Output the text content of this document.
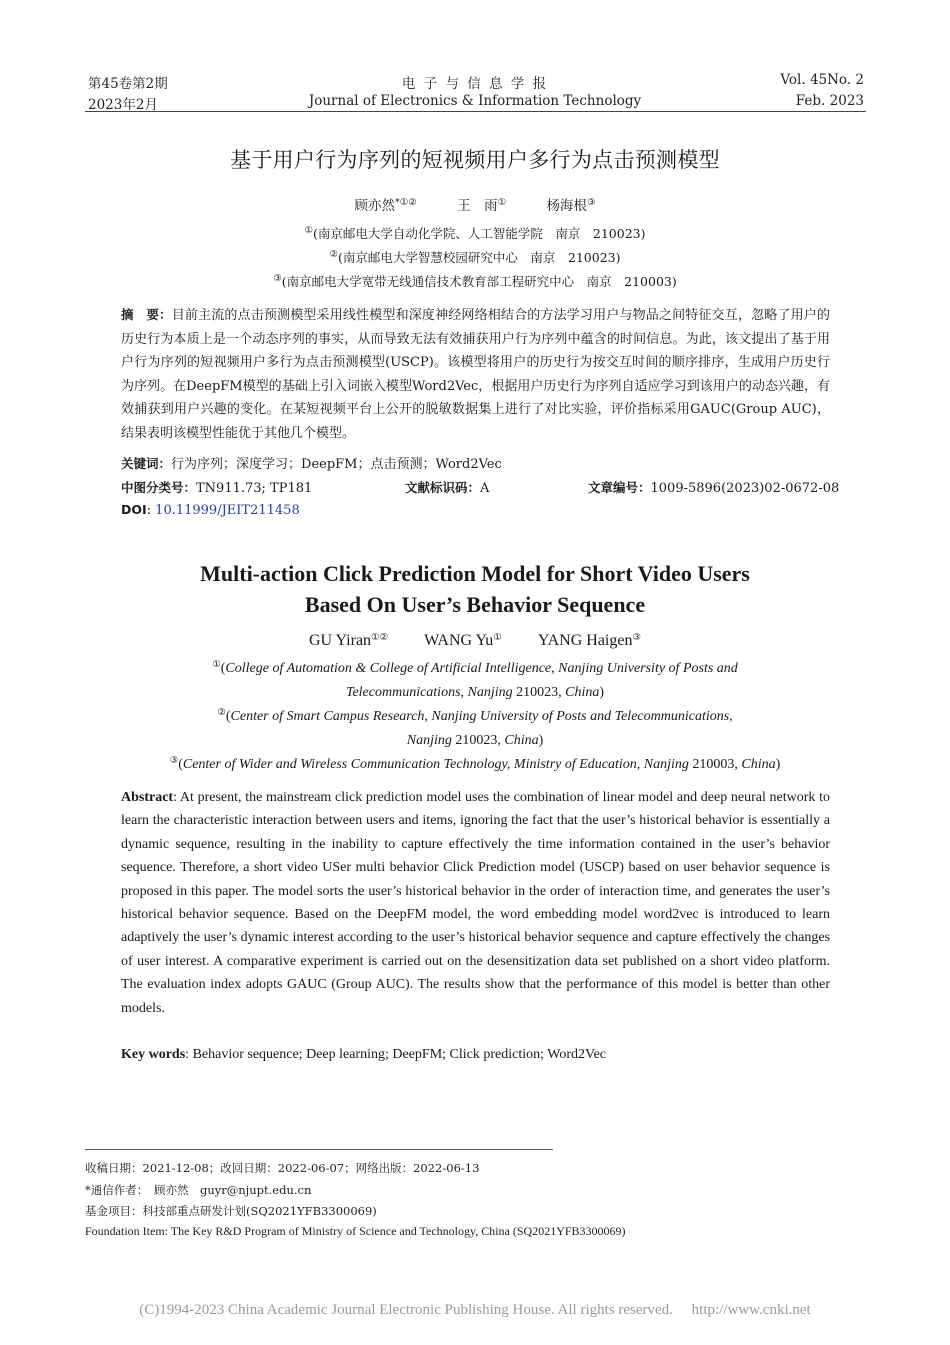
第45卷第2期
2023年2月
电 子 与 信 息 学 报
Journal of Electronics & Information Technology
Vol. 45No. 2
Feb. 2023
基于用户行为序列的短视频用户多行为点击预测模型
顾亦然*①②	王　雨①	杨海根③
①(南京邮电大学自动化学院、人工智能学院　南京　210023)
②(南京邮电大学智慧校园研究中心　南京　210023)
③(南京邮电大学宽带无线通信技术教育部工程研究中心　南京　210003)
摘　要：目前主流的点击预测模型采用线性模型和深度神经网络相结合的方法学习用户与物品之间特征交互，忽略了用户的历史行为本质上是一个动态序列的事实，从而导致无法有效捕获用户行为序列中蕴含的时间信息。为此，该文提出了基于用户行为序列的短视频用户多行为点击预测模型(USCP)。该模型将用户的历史行为按交互时间的顺序排序，生成用户历史行为序列。在DeepFM模型的基础上引入词嵌入模型Word2Vec，根据用户历史行为序列自适应学习到该用户的动态兴趣，有效捕获到用户兴趣的变化。在某短视频平台上公开的脱敏数据集上进行了对比实验，评价指标采用GAUC(Group AUC)，结果表明该模型性能优于其他几个模型。
关键词：行为序列；深度学习；DeepFM；点击预测；Word2Vec
中图分类号：TN911.73; TP181	文献标识码：A	文章编号：1009-5896(2023)02-0672-08
DOI: 10.11999/JEIT211458
Multi-action Click Prediction Model for Short Video Users
Based On User’s Behavior Sequence
GU Yiran①② WANG Yu① YANG Haigen③
①(College of Automation & College of Artificial Intelligence, Nanjing University of Posts and
Telecommunications, Nanjing 210023, China)
②(Center of Smart Campus Research, Nanjing University of Posts and Telecommunications,
Nanjing 210023, China)
③(Center of Wider and Wireless Communication Technology, Ministry of Education, Nanjing 210003, China)
Abstract: At present, the mainstream click prediction model uses the combination of linear model and deep neural network to learn the characteristic interaction between users and items, ignoring the fact that the user’s historical behavior is essentially a dynamic sequence, resulting in the inability to capture effectively the time information contained in the user’s behavior sequence. Therefore, a short video USer multi behavior Click Prediction model (USCP) based on user behavior sequence is proposed in this paper. The model sorts the user’s historical behavior in the order of interaction time, and generates the user’s historical behavior sequence. Based on the DeepFM model, the word embedding model word2vec is introduced to learn adaptively the user’s dynamic interest according to the user’s historical behavior sequence and capture effectively the changes of user interest. A comparative experiment is carried out on the desensitization data set published on a short video platform. The evaluation index adopts GAUC (Group AUC). The results show that the performance of this model is better than other models.
Key words: Behavior sequence; Deep learning; DeepFM; Click prediction; Word2Vec
收稿日期：2021-12-08；改回日期：2022-06-07；网络出版：2022-06-13
*通信作者：　顾亦然　guyr@njupt.edu.cn
基金项目：科技部重点研发计划(SQ2021YFB3300069)
Foundation Item: The Key R&D Program of Ministry of Science and Technology, China (SQ2021YFB3300069)
(C)1994-2023 China Academic Journal Electronic Publishing House. All rights reserved.　 http://www.cnki.net
